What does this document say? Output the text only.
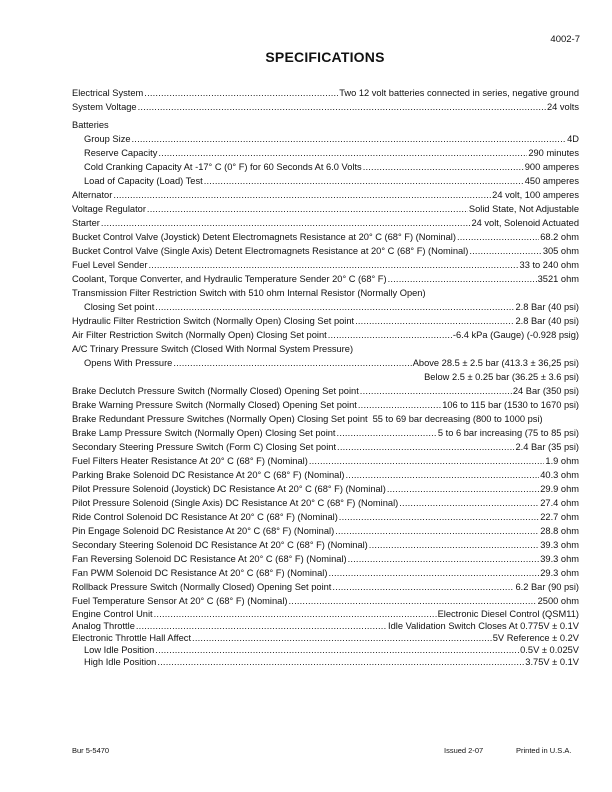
4002-7
SPECIFICATIONS
Electrical System .....	Two 12 volt batteries connected in series, negative ground
System Voltage .....	24 volts
Batteries
Group Size .....	4D
Reserve Capacity .....	290 minutes
Cold Cranking Capacity At -17° C (0° F) for 60 Seconds At 6.0 Volts .....	900 amperes
Load of Capacity (Load) Test .....	450 amperes
Alternator .....	24 volt, 100 amperes
Voltage Regulator .....	Solid State, Not Adjustable
Starter .....	24 volt, Solenoid Actuated
Bucket Control Valve (Joystick) Detent Electromagnets Resistance at 20° C (68° F) (Nominal) .....	68.2 ohm
Bucket Control Valve (Single Axis) Detent Electromagnets Resistance at 20° C (68° F) (Nominal) .....	305 ohm
Fuel Level Sender .....	33 to 240 ohm
Coolant, Torque Converter, and Hydraulic Temperature Sender 20° C (68° F) .....	3521 ohm
Transmission Filter Restriction Switch with 510 ohm Internal Resistor (Normally Open)
Closing Set point .....	2.8 Bar (40 psi)
Hydraulic Filter Restriction Switch (Normally Open) Closing Set point .....	2.8 Bar (40 psi)
Air Filter Restriction Switch (Normally Open) Closing Set point .....	-6.4 kPa (Gauge) (-0.928 psig)
A/C Trinary Pressure Switch (Closed With Normal System Pressure)
Opens With Pressure .....	Above 28.5 ± 2.5 bar (413.3 ± 36,25 psi)
Below 2.5 ± 0.25 bar (36.25 ± 3.6 psi)
Brake Declutch Pressure Switch (Normally Closed) Opening Set point .....	24 Bar (350 psi)
Brake Warning Pressure Switch (Normally Closed) Opening Set point .....	106 to 115 bar (1530 to 1670 psi)
Brake Redundant Pressure Switches (Normally Open) Closing Set point 55 to 69 bar decreasing (800 to 1000 psi)
Brake Lamp Pressure Switch (Normally Open) Closing Set point .....	5 to 6 bar increasing (75 to 85 psi)
Secondary Steering Pressure Switch (Form C) Closing Set point .....	2.4 Bar (35 psi)
Fuel Filters Heater Resistance At 20° C (68° F) (Nominal) .....	1.9 ohm
Parking Brake Solenoid DC Resistance At 20° C (68° F) (Nominal) .....	40.3 ohm
Pilot Pressure Solenoid (Joystick) DC Resistance At 20° C (68° F) (Nominal) .....	29.9 ohm
Pilot Pressure Solenoid (Single Axis) DC Resistance At 20° C (68° F) (Nominal) .....	27.4 ohm
Ride Control Solenoid DC Resistance At 20° C (68° F) (Nominal) .....	22.7 ohm
Pin Engage Solenoid DC Resistance At 20° C (68° F) (Nominal) .....	28.8 ohm
Secondary Steering Solenoid DC Resistance At 20° C (68° F) (Nominal) .....	39.3 ohm
Fan Reversing Solenoid DC Resistance At 20° C (68° F) (Nominal) .....	39.3 ohm
Fan PWM Solenoid DC Resistance At 20° C (68° F) (Nominal) .....	29.3 ohm
Rollback Pressure Switch (Normally Closed) Opening Set point .....	6.2 Bar (90 psi)
Fuel Temperature Sensor At 20° C (68° F) (Nominal) .....	2500 ohm
Engine Control Unit .....	Electronic Diesel Control (QSM11)
Analog Throttle .....	Idle Validation Switch Closes At 0.775V ± 0.1V
Electronic Throttle Hall Affect .....	5V Reference ± 0.2V
Low Idle Position .....	0.5V ± 0.025V
High Idle Position .....	3.75V ± 0.1V
Bur 5-5470	Issued 2-07	Printed in U.S.A.
